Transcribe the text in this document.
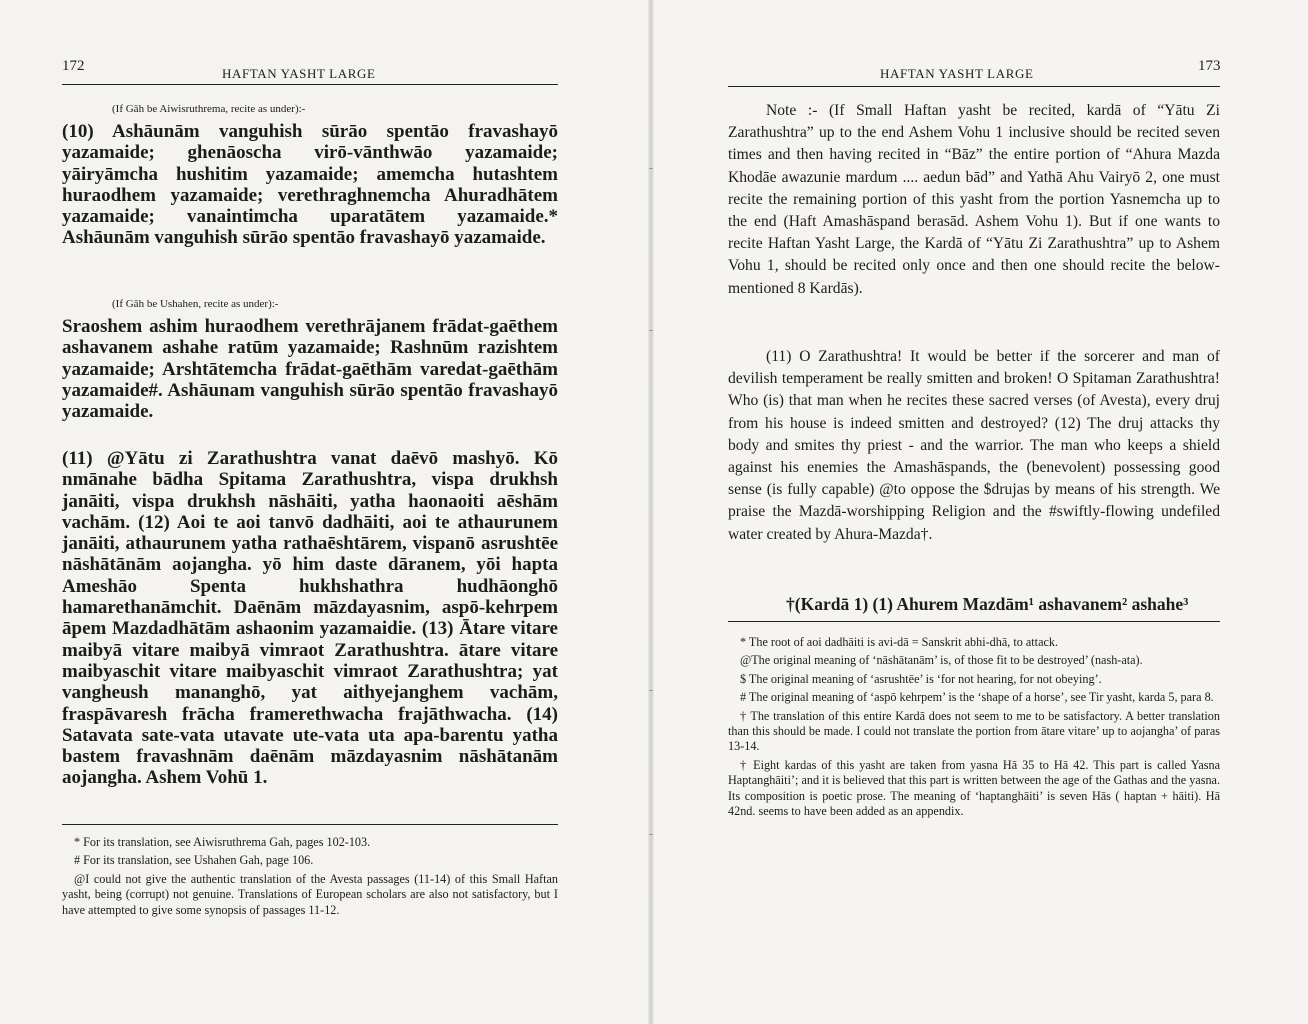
172	HAFTAN YASHT LARGE
(If Gāh be Aiwisruthrema, recite as under):-

(10) Ashāunām vanguhish sūrāo spentāo fravashayō yazamaide; ghenāoscha virō-vānthwāo yazamaide; yāiryāmcha hushitim yazamaide; amemcha hutashtem huraodhem yazamaide; verethraghnemcha Ahuradhātem yazamaide; vanaintimcha uparatātem yazamaide.* Ashāunām vanguhish sūrāo spentāo fravashayō yazamaide.

(If Gāh be Ushahen, recite as under):-

Sraoshem ashim huraodhem verethrājanem frādat-gaēthem ashavanem ashahe ratūm yazamaide; Rashnūm razishtem yazamaide; Arshtātemcha frādat-gaēthām varedat-gaēthām yazamaide#. Ashāunam vanguhish sūrāo spentāo fravashayō yazamaide.

(11) @Yātu zi Zarathushtra vanat daēvō mashyō. Kō nmānahe bādha Spitama Zarathushtra, vispa drukhsh janāiti, vispa drukhsh nāshāiti, yatha haonaoiti aēshām vachām. (12) Aoi te aoi tanvō dadhāiti, aoi te athaurunem janāiti, athaurunem yatha rathaēshtārem, vispanō asrushtēe nāshātānām aojangha. yō him daste dāranem, yōi hapta Ameshāo Spenta hukhshathra hudhāonghō hamarethanāmchit. Daēnām māzdayasnim, aspō-kehrpem āpem Mazdadhātām ashaonim yazamaidie. (13) Ātare vitare maibyā vitare maibyā vimraot Zarathushtra. ātare vitare maibyaschit vitare maibyaschit vimraot Zarathushtra; yat vangheush mananghō, yat aithyejanghem vachām, fraspāvaresh frācha framerethwacha frajāthwacha. (14) Satavata sate-vata utavate ute-vata uta apa-barentu yatha bastem fravashnām daēnām māzdayasnim nāshātanām aojangha. Ashem Vohū 1.

* For its translation, see Aiwisruthrema Gah, pages 102-103.

# For its translation, see Ushahen Gah, page 106.

@I could not give the authentic translation of the Avesta passages (11-14) of this Small Haftan yasht, being (corrupt) not genuine. Translations of European scholars are also not satisfactory, but I have attempted to give some synopsis of passages 11-12.

HAFTAN YASHT LARGE	173

Note :- (If Small Haftan yasht be recited, kardā of “Yātu Zi Zarathushtra” up to the end Ashem Vohu 1 inclusive should be recited seven times and then having recited in “Bāz” the entire portion of “Ahura Mazda Khodāe awazunie mardum .... aedun bād” and Yathā Ahu Vairyō 2, one must recite the remaining portion of this yasht from the portion Yasnemcha up to the end (Haft Amashāspand berasād. Ashem Vohu 1). But if one wants to recite Haftan Yasht Large, the Kardā of “Yātu Zi Zarathushtra” up to Ashem Vohu 1, should be recited only once and then one should recite the below-mentioned 8 Kardās).

(11) O Zarathushtra! It would be better if the sorcerer and man of devilish temperament be really smitten and broken! O Spitaman Zarathushtra! Who (is) that man when he recites these sacred verses (of Avesta), every druj from his house is indeed smitten and destroyed? (12) The druj attacks thy body and smites thy priest - and the warrior. The man who keeps a shield against his enemies the Amashāspands, the (benevolent) possessing good sense (is fully capable) @to oppose the $drujas by means of his strength. We praise the Mazdā-worshipping Religion and the #swiftly-flowing undefiled water created by Ahura-Mazda†.

†(Kardā 1) (1) Ahurem Mazdām¹ ashavanem² ashahe³

* The root of aoi dadhāiti is avi-dā = Sanskrit abhi-dhā, to attack.

@The original meaning of ‘nāshātanām’ is, of those fit to be destroyed’ (nash-ata).

$ The original meaning of ‘asrushtēe’ is ‘for not hearing, for not obeying’.

# The original meaning of ‘aspō kehrpem’ is the ‘shape of a horse’, see Tir yasht, karda 5, para 8.

† The translation of this entire Kardā does not seem to me to be satisfactory. A better translation than this should be made. I could not translate the portion from ātare vitare’ up to aojangha’ of paras 13-14.

† Eight kardas of this yasht are taken from yasna Hā 35 to Hā 42. This part is called Yasna Haptanghāiti’; and it is believed that this part is written between the age of the Gathas and the yasna. Its composition is poetic prose. The meaning of ‘haptanghāiti’ is seven Hās ( haptan + hāiti). Hā 42nd. seems to have been added as an appendix.
